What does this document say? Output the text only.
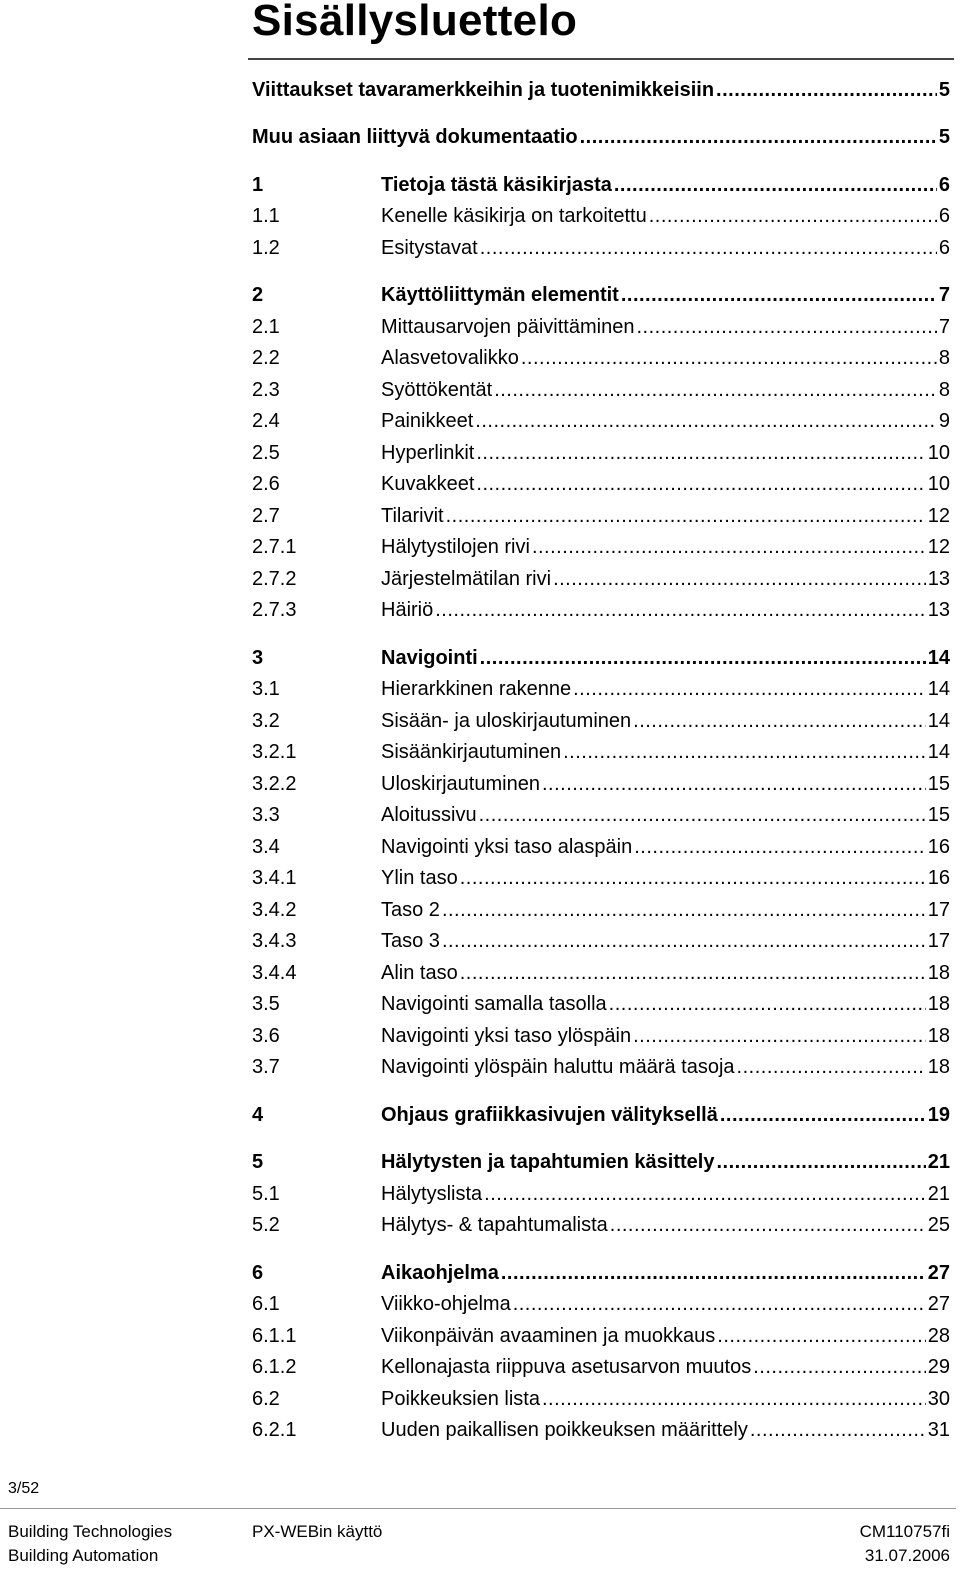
Sisällysluettelo
Viittaukset tavaramerkkeihin ja tuotenimikkeisiin .....	5
Muu asiaan liittyvä dokumentaatio .....	5
1	Tietoja tästä käsikirjasta .....	6
1.1	Kenelle käsikirja on tarkoitettu .....	6
1.2	Esitystavat .....	6
2	Käyttöliittymän elementit .....	7
2.1	Mittausarvojen päivittäminen .....	7
2.2	Alasvetovalikko .....	8
2.3	Syöttökentät .....	8
2.4	Painikkeet .....	9
2.5	Hyperlinkit .....	10
2.6	Kuvakkeet .....	10
2.7	Tilarivit .....	12
2.7.1	Hälytystilojen rivi .....	12
2.7.2	Järjestelmätilan rivi .....	13
2.7.3	Häiriö .....	13
3	Navigointi .....	14
3.1	Hierarkkinen rakenne .....	14
3.2	Sisään- ja uloskirjautuminen .....	14
3.2.1	Sisäänkirjautuminen .....	14
3.2.2	Uloskirjautuminen .....	15
3.3	Aloitussivu .....	15
3.4	Navigointi yksi taso alaspäin .....	16
3.4.1	Ylin taso .....	16
3.4.2	Taso 2 .....	17
3.4.3	Taso 3 .....	17
3.4.4	Alin taso .....	18
3.5	Navigointi samalla tasolla .....	18
3.6	Navigointi yksi taso ylöspäin .....	18
3.7	Navigointi ylöspäin haluttu määrä tasoja .....	18
4	Ohjaus grafiikkasivujen välityksellä .....	19
5	Hälytysten ja tapahtumien käsittely .....	21
5.1	Hälytyslista .....	21
5.2	Hälytys- & tapahtumalista .....	25
6	Aikaohjelma .....	27
6.1	Viikko-ohjelma .....	27
6.1.1	Viikonpäivän avaaminen ja muokkaus .....	28
6.1.2	Kellonajasta riippuva asetusarvon muutos .....	29
6.2	Poikkeuksien lista .....	30
6.2.1	Uuden paikallisen poikkeuksen määrittely .....	31
3/52
Building Technologies
Building Automation
PX-WEBin käyttö	CM110757fi
31.07.2006
